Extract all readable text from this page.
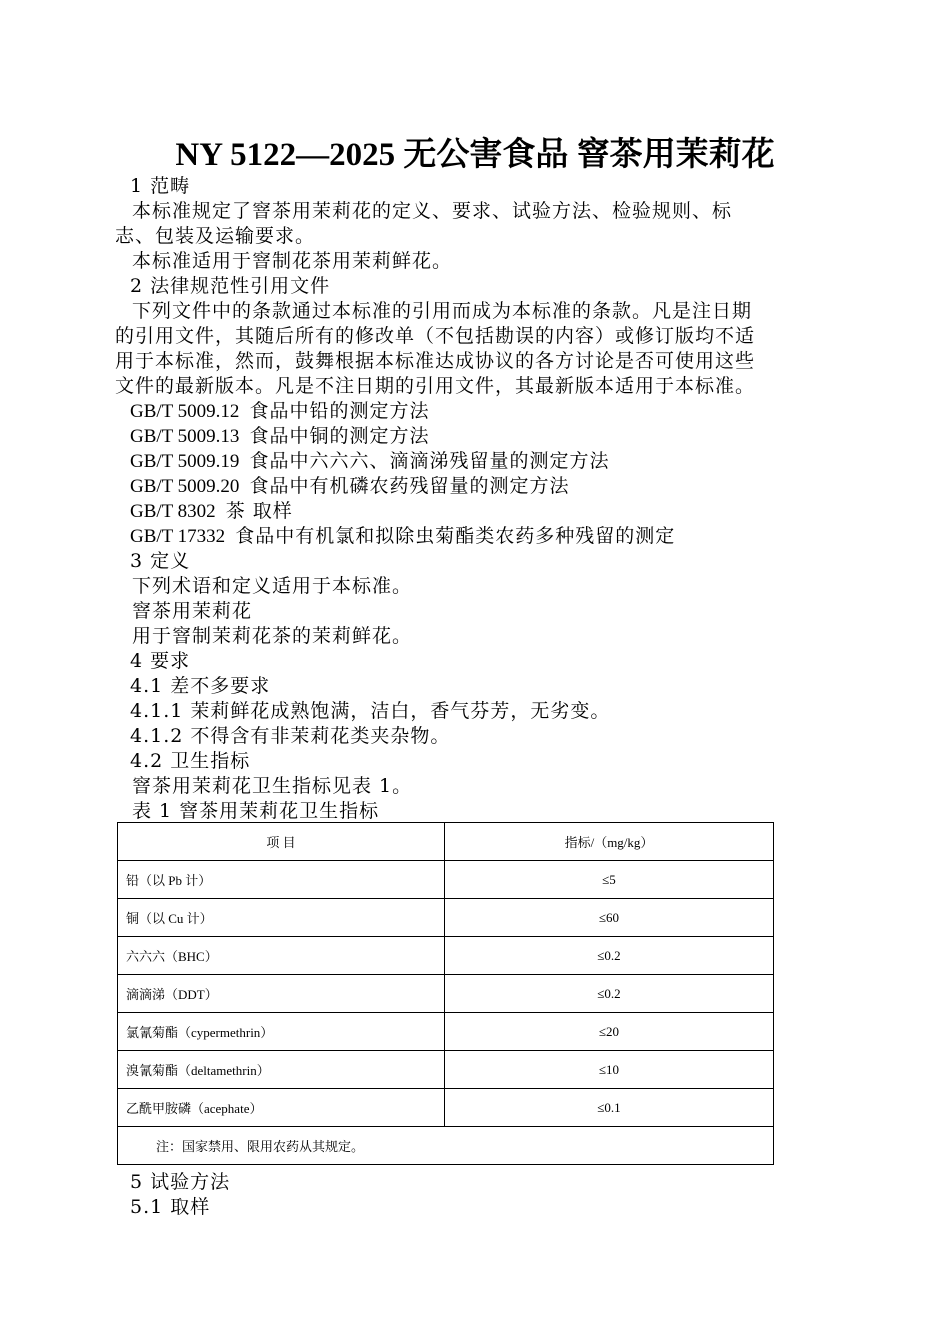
NY 5122—2025 无公害食品 窨茶用茉莉花
1 范畴
本标准规定了窨茶用茉莉花的定义、要求、试验方法、检验规则、标
志、包装及运输要求。
本标准适用于窨制花茶用茉莉鲜花。
2 法律规范性引用文件
下列文件中的条款通过本标准的引用而成为本标准的条款。凡是注日期
的引用文件，其随后所有的修改单（不包括勘误的内容）或修订版均不适
用于本标准，然而，鼓舞根据本标准达成协议的各方讨论是否可使用这些
文件的最新版本。凡是不注日期的引用文件，其最新版本适用于本标准。
GB/T 5009.12 食品中铅的测定方法
GB/T 5009.13 食品中铜的测定方法
GB/T 5009.19 食品中六六六、滴滴涕残留量的测定方法
GB/T 5009.20 食品中有机磷农药残留量的测定方法
GB/T 8302 茶 取样
GB/T 17332 食品中有机氯和拟除虫菊酯类农药多种残留的测定
3 定义
下列术语和定义适用于本标准。
窨茶用茉莉花
用于窨制茉莉花茶的茉莉鲜花。
4 要求
4.1 差不多要求
4.1.1 茉莉鲜花成熟饱满，洁白，香气芬芳，无劣变。
4.1.2 不得含有非茉莉花类夹杂物。
4.2 卫生指标
窨茶用茉莉花卫生指标见表 1。
表 1 窨茶用茉莉花卫生指标
项 目	指标/（mg/kg）
铅（以 Pb 计）	≤5
铜（以 Cu 计）	≤60
六六六（BHC）	≤0.2
滴滴涕（DDT）	≤0.2
氯氰菊酯（cypermethrin）	≤20
溴氰菊酯（deltamethrin）	≤10
乙酰甲胺磷（acephate）	≤0.1
注：国家禁用、限用农药从其规定。	
5 试验方法
5.1 取样
